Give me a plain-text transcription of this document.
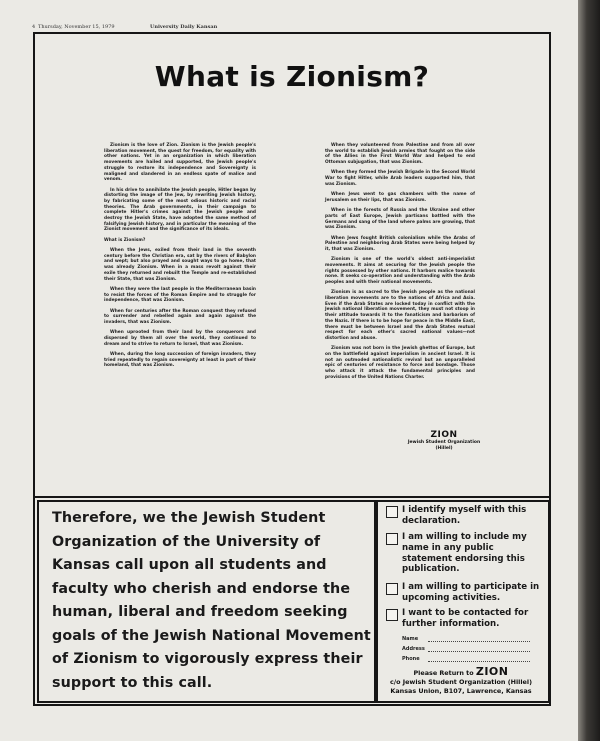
4 Thursday, November 15, 1979	University Daily Kansan
What is Zionism?

Zionism is the love of Zion. Zionism is the Jewish people's liberation movement, the quest for freedom, for equality with other nations. Yet in an organization in which liberation movements are hailed and supported, the Jewish people's struggle to restore its independence and Sovereignty is maligned and slandered in an endless spate of malice and venom.

In his drive to annihilate the Jewish people, Hitler began by distorting the image of the Jew, by rewriting Jewish history, by fabricating some of the most odious historic and racial theories. The Arab governments, in their campaign to complete Hitler's crimes against the Jewish people and destroy the Jewish State, have adopted the same method of falsifying Jewish history, and in particular the meaning of the Zionist movement and the significance of its ideals.

What is Zionism?

When the Jews, exiled from their land in the seventh century before the Christian era, sat by the rivers of Babylon and wept; but also prayed and sought ways to go home, that was already Zionism. When in a mass revolt against their exile they returned and rebuilt the Temple and re-established their State, that was Zionism.

When they were the last people in the Mediterranean basin to resist the forces of the Roman Empire and to struggle for independence, that was Zionism.

When for centuries after the Roman conquest they refused to surrender and rebelled again and again against the invaders, that was Zionism.

When uprooted from their land by the conquerors and dispersed by them all over the world, they continued to dream and to strive to return to Israel, that was Zionism.

When, during the long succession of foreign invaders, they tried repeatedly to regain sovereignty at least in part of their homeland, that was Zionism.

When they volunteered from Palestine and from all over the world to establish Jewish armies that fought on the side of the Allies in the First World War and helped to end Ottoman subjugation, that was Zionism.

When they formed the Jewish Brigade in the Second World War to fight Hitler, while Arab leaders supported him, that was Zionism.

When Jews went to gas chambers with the name of Jerusalem on their lips, that was Zionism.

When in the forests of Russia and the Ukraine and other parts of East Europe, Jewish partisans battled with the Germans and sang of the land where palms are growing, that was Zionism.

When Jews fought British colonialism while the Arabs of Palestine and neighboring Arab States were being helped by it, that was Zionism.

Zionism is one of the world's oldest anti-imperialist movements. It aims at securing for the Jewish people the rights possessed by other nations. It harbors malice towards none. It seeks co-operation and understanding with the Arab peoples and with their national movements.

Zionism is as sacred to the Jewish people as the national liberation movements are to the nations of Africa and Asia. Even if the Arab States are locked today in conflict with the Jewish national liberation movement, they must not stoop in their attitude towards it to the fanaticism and barbarism of the Nazis. If there is to be hope for peace in the Middle East, there must be between Israel and the Arab States mutual respect for each other's sacred national values—not distortion and abuse.

Zionism was not born in the Jewish ghettos of Europe, but on the battlefield against imperialism in ancient Israel. It is not an outmoded nationalistic revival but an unparalleled epic of centuries of resistance to force and bondage. Those who attack it attack the fundamental principles and provisions of the United Nations Charter.

ZION
Jewish Student Organization
(Hillel)
Therefore, we the Jewish Student
Organization of the University of
Kansas call upon all students and
faculty who cherish and endorse the
human, liberal and freedom seeking
goals of the Jewish National Movement
of Zionism to vigorously express their
support to this call.
I identify myself with this declaration.
I am willing to include my name in any public statement endorsing this publication.
I am willing to participate in upcoming activities.
I want to be contacted for further information.
Name
Address
Phone
Please Return to ZION
c/o Jewish Student Organization (Hillel)
Kansas Union, B107, Lawrence, Kansas
